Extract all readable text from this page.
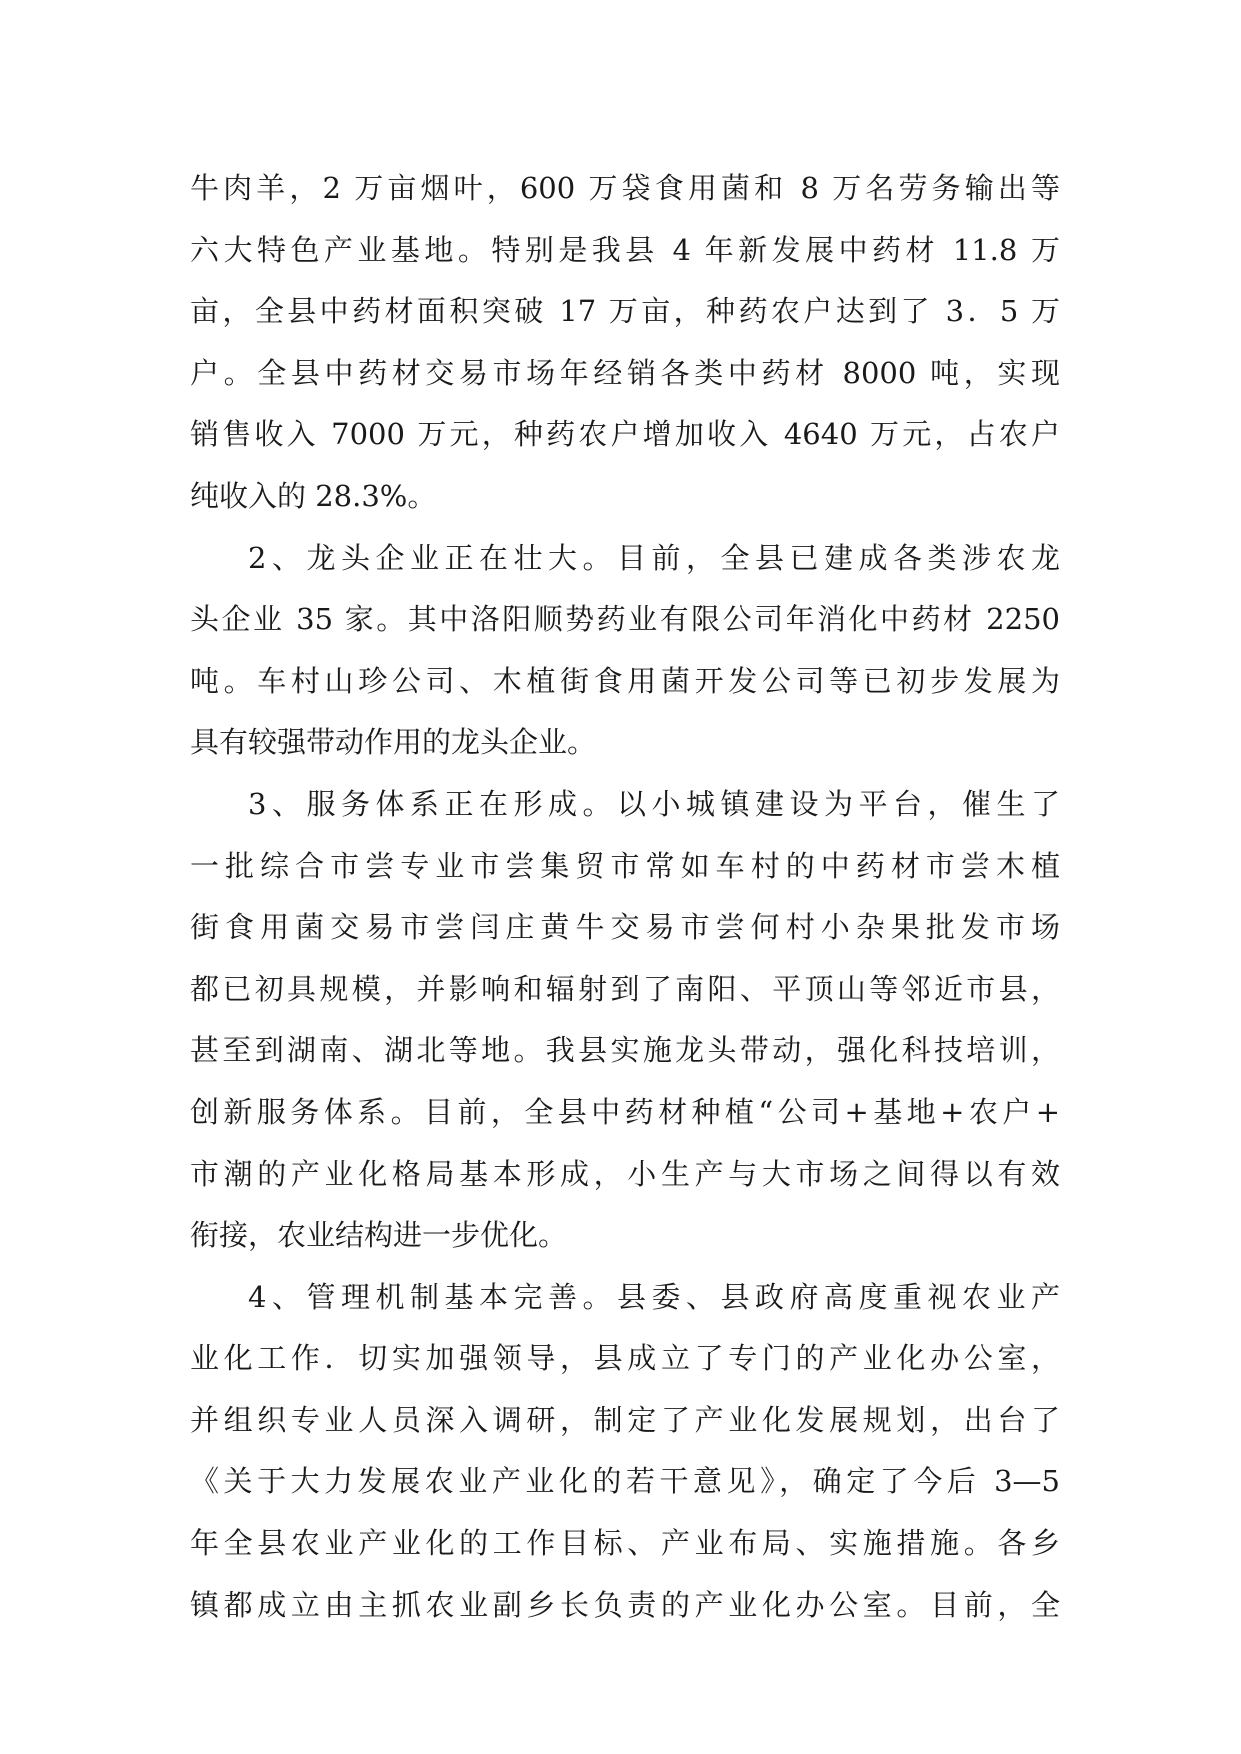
牛肉羊，2 万亩烟叶，600 万袋食用菌和 8 万名劳务输出等
六大特色产业基地。特别是我县 4 年新发展中药材 11.8 万
亩，全县中药材面积突破 17 万亩，种药农户达到了 3．5 万
户。全县中药材交易市场年经销各类中药材 8000 吨，实现
销售收入 7000 万元，种药农户增加收入 4640 万元，占农户
纯收入的 28.3%。
2、龙头企业正在壮大。目前，全县已建成各类涉农龙
头企业 35 家。其中洛阳顺势药业有限公司年消化中药材 2250
吨。车村山珍公司、木植街食用菌开发公司等已初步发展为
具有较强带动作用的龙头企业。
3、服务体系正在形成。以小城镇建设为平台，催生了
一批综合市尝专业市尝集贸市常如车村的中药材市尝木植
街食用菌交易市尝闫庄黄牛交易市尝何村小杂果批发市场
都已初具规模，并影响和辐射到了南阳、平顶山等邻近市县，
甚至到湖南、湖北等地。我县实施龙头带动，强化科技培训，
创新服务体系。目前，全县中药材种植“公司+基地+农户+
市潮的产业化格局基本形成，小生产与大市场之间得以有效
衔接，农业结构进一步优化。
4、管理机制基本完善。县委、县政府高度重视农业产
业化工作．切实加强领导，县成立了专门的产业化办公室，
并组织专业人员深入调研，制定了产业化发展规划，出台了
《关于大力发展农业产业化的若干意见》，确定了今后 3—5
年全县农业产业化的工作目标、产业布局、实施措施。各乡
镇都成立由主抓农业副乡长负责的产业化办公室。目前，全
